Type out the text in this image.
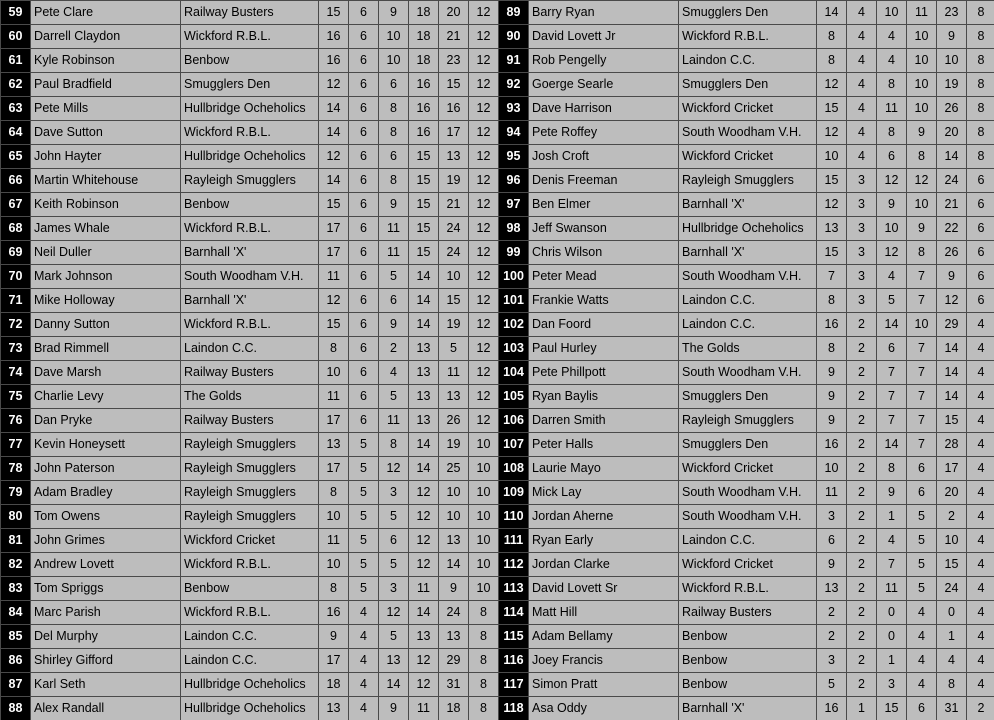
59	Pete Clare	Railway Busters	15	6	9	18	20	12	89	Barry Ryan	Smugglers Den	14	4	10	11	23	8
60	Darrell Claydon	Wickford R.B.L.	16	6	10	18	21	12	90	David Lovett Jr	Wickford R.B.L.	8	4	4	10	9	8
61	Kyle Robinson	Benbow	16	6	10	18	23	12	91	Rob Pengelly	Laindon C.C.	8	4	4	10	10	8
62	Paul Bradfield	Smugglers Den	12	6	6	16	15	12	92	Goerge Searle	Smugglers Den	12	4	8	10	19	8
63	Pete Mills	Hullbridge Ocheholics	14	6	8	16	16	12	93	Dave Harrison	Wickford Cricket	15	4	11	10	26	8
64	Dave Sutton	Wickford R.B.L.	14	6	8	16	17	12	94	Pete Roffey	South Woodham V.H.	12	4	8	9	20	8
65	John Hayter	Hullbridge Ocheholics	12	6	6	15	13	12	95	Josh Croft	Wickford Cricket	10	4	6	8	14	8
66	Martin Whitehouse	Rayleigh Smugglers	14	6	8	15	19	12	96	Denis Freeman	Rayleigh Smugglers	15	3	12	12	24	6
67	Keith Robinson	Benbow	15	6	9	15	21	12	97	Ben Elmer	Barnhall 'X'	12	3	9	10	21	6
68	James Whale	Wickford R.B.L.	17	6	11	15	24	12	98	Jeff Swanson	Hullbridge Ocheholics	13	3	10	9	22	6
69	Neil Duller	Barnhall 'X'	17	6	11	15	24	12	99	Chris Wilson	Barnhall 'X'	15	3	12	8	26	6
70	Mark Johnson	South Woodham V.H.	11	6	5	14	10	12	100	Peter Mead	South Woodham V.H.	7	3	4	7	9	6
71	Mike Holloway	Barnhall 'X'	12	6	6	14	15	12	101	Frankie Watts	Laindon C.C.	8	3	5	7	12	6
72	Danny Sutton	Wickford R.B.L.	15	6	9	14	19	12	102	Dan Foord	Laindon C.C.	16	2	14	10	29	4
73	Brad Rimmell	Laindon C.C.	8	6	2	13	5	12	103	Paul Hurley	The Golds	8	2	6	7	14	4
74	Dave Marsh	Railway Busters	10	6	4	13	11	12	104	Pete Phillpott	South Woodham V.H.	9	2	7	7	14	4
75	Charlie Levy	The Golds	11	6	5	13	13	12	105	Ryan Baylis	Smugglers Den	9	2	7	7	14	4
76	Dan Pryke	Railway Busters	17	6	11	13	26	12	106	Darren Smith	Rayleigh Smugglers	9	2	7	7	15	4
77	Kevin Honeysett	Rayleigh Smugglers	13	5	8	14	19	10	107	Peter Halls	Smugglers Den	16	2	14	7	28	4
78	John Paterson	Rayleigh Smugglers	17	5	12	14	25	10	108	Laurie Mayo	Wickford Cricket	10	2	8	6	17	4
79	Adam Bradley	Rayleigh Smugglers	8	5	3	12	10	10	109	Mick Lay	South Woodham V.H.	11	2	9	6	20	4
80	Tom Owens	Rayleigh Smugglers	10	5	5	12	10	10	110	Jordan Aherne	South Woodham V.H.	3	2	1	5	2	4
81	John Grimes	Wickford Cricket	11	5	6	12	13	10	111	Ryan Early	Laindon C.C.	6	2	4	5	10	4
82	Andrew Lovett	Wickford R.B.L.	10	5	5	12	14	10	112	Jordan Clarke	Wickford Cricket	9	2	7	5	15	4
83	Tom Spriggs	Benbow	8	5	3	11	9	10	113	David Lovett Sr	Wickford R.B.L.	13	2	11	5	24	4
84	Marc Parish	Wickford R.B.L.	16	4	12	14	24	8	114	Matt Hill	Railway Busters	2	2	0	4	0	4
85	Del Murphy	Laindon C.C.	9	4	5	13	13	8	115	Adam Bellamy	Benbow	2	2	0	4	1	4
86	Shirley Gifford	Laindon C.C.	17	4	13	12	29	8	116	Joey Francis	Benbow	3	2	1	4	4	4
87	Karl Seth	Hullbridge Ocheholics	18	4	14	12	31	8	117	Simon Pratt	Benbow	5	2	3	4	8	4
88	Alex Randall	Hullbridge Ocheholics	13	4	9	11	18	8	118	Asa Oddy	Barnhall 'X'	16	1	15	6	31	2
